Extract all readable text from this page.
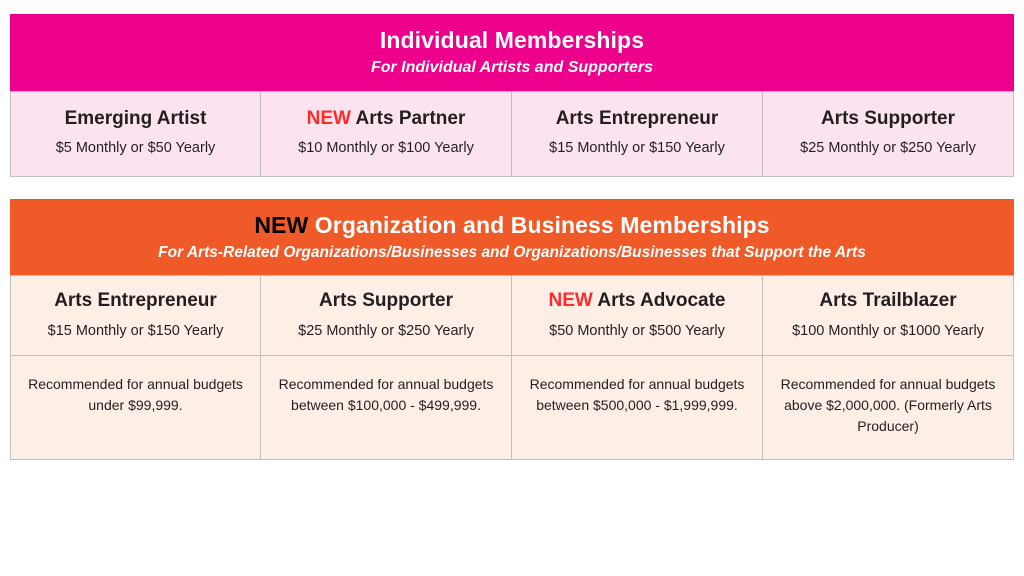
Individual Memberships
For Individual Artists and Supporters
Emerging Artist
$5 Monthly or $50 Yearly
NEW Arts Partner
$10 Monthly or $100 Yearly
Arts Entrepreneur
$15 Monthly or $150 Yearly
Arts Supporter
$25 Monthly or $250 Yearly
NEW Organization and Business Memberships
For Arts-Related Organizations/Businesses and Organizations/Businesses that Support the Arts
Arts Entrepreneur
$15 Monthly or $150 Yearly
Arts Supporter
$25 Monthly or $250 Yearly
NEW Arts Advocate
$50 Monthly or $500 Yearly
Arts Trailblazer
$100 Monthly or $1000 Yearly
Recommended for annual budgets under $99,999.
Recommended for annual budgets between $100,000 - $499,999.
Recommended for annual budgets between $500,000 - $1,999,999.
Recommended for annual budgets above $2,000,000. (Formerly Arts Producer)
